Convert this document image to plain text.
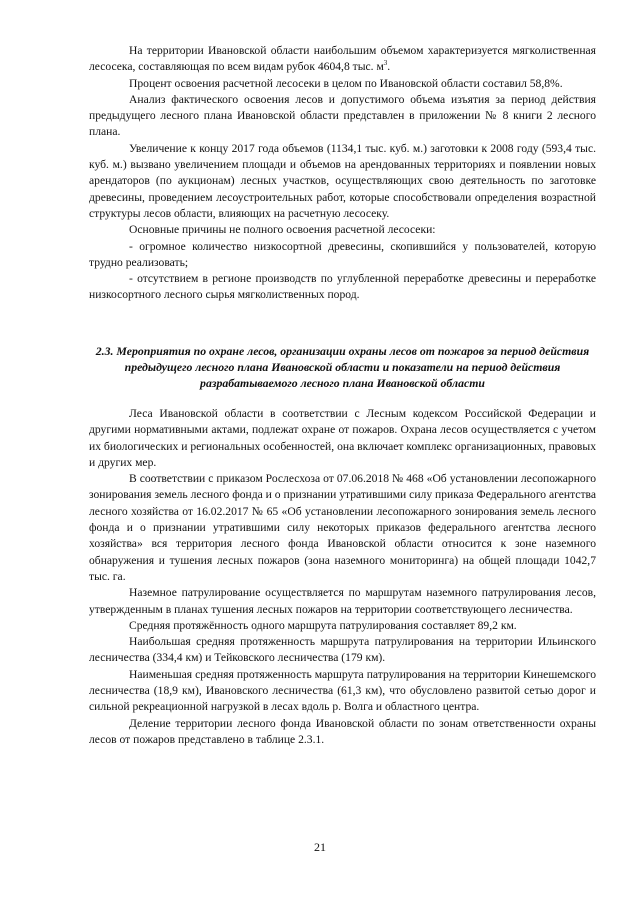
На территории Ивановской области наибольшим объемом характеризуется мягколиственная лесосека, составляющая по всем видам рубок 4604,8 тыс. $м^3$.

Процент освоения расчетной лесосеки в целом по Ивановской области составил 58,8%.

Анализ фактического освоения лесов и допустимого объема изъятия за период действия предыдущего лесного плана Ивановской области представлен в приложении № 8 книги 2 лесного плана.

Увеличение к концу 2017 года объемов (1134,1 тыс. куб. м.) заготовки к 2008 году (593,4 тыс. куб. м.) вызвано увеличением площади и объемов на арендованных территориях и появлении новых арендаторов (по аукционам) лесных участков, осуществляющих свою деятельность по заготовке древесины, проведением лесоустроительных работ, которые способствовали определения возрастной структуры лесов области, влияющих на расчетную лесосеку.

Основные причины не полного освоения расчетной лесосеки:

- огромное количество низкосортной древесины, скопившийся у пользователей, которую трудно реализовать;

- отсутствием в регионе производств по углубленной переработке древесины и переработке низкосортного лесного сырья мягколиственных пород.

2.3. Мероприятия по охране лесов, организации охраны лесов от пожаров за период действия предыдущего лесного плана Ивановской области и показатели на период действия разрабатываемого лесного плана Ивановской области

Леса Ивановской области в соответствии с Лесным кодексом Российской Федерации и другими нормативными актами, подлежат охране от пожаров. Охрана лесов осуществляется с учетом их биологических и региональных особенностей, она включает комплекс организационных, правовых и других мер.

В соответствии с приказом Рослесхоза от 07.06.2018 № 468 «Об установлении лесопожарного зонирования земель лесного фонда и о признании утратившими силу приказа Федерального агентства лесного хозяйства от 16.02.2017 № 65 «Об установлении лесопожарного зонирования земель лесного фонда и о признании утратившими силу некоторых приказов федерального агентства лесного хозяйства» вся территория лесного фонда Ивановской области относится к зоне наземного обнаружения и тушения лесных пожаров (зона наземного мониторинга) на общей площади 1042,7 тыс. га.

Наземное патрулирование осуществляется по маршрутам наземного патрулирования лесов, утвержденным в планах тушения лесных пожаров на территории соответствующего лесничества.

Средняя протяжённость одного маршрута патрулирования составляет 89,2 км.

Наибольшая средняя протяженность маршрута патрулирования на территории Ильинского лесничества (334,4 км) и Тейковского лесничества (179 км).

Наименьшая средняя протяженность маршрута патрулирования на территории Кинешемского лесничества (18,9 км), Ивановского лесничества (61,3 км), что обусловлено развитой сетью дорог и сильной рекреационной нагрузкой в лесах вдоль р. Волга и областного центра.

Деление территории лесного фонда Ивановской области по зонам ответственности охраны лесов от пожаров представлено в таблице 2.3.1.

21
